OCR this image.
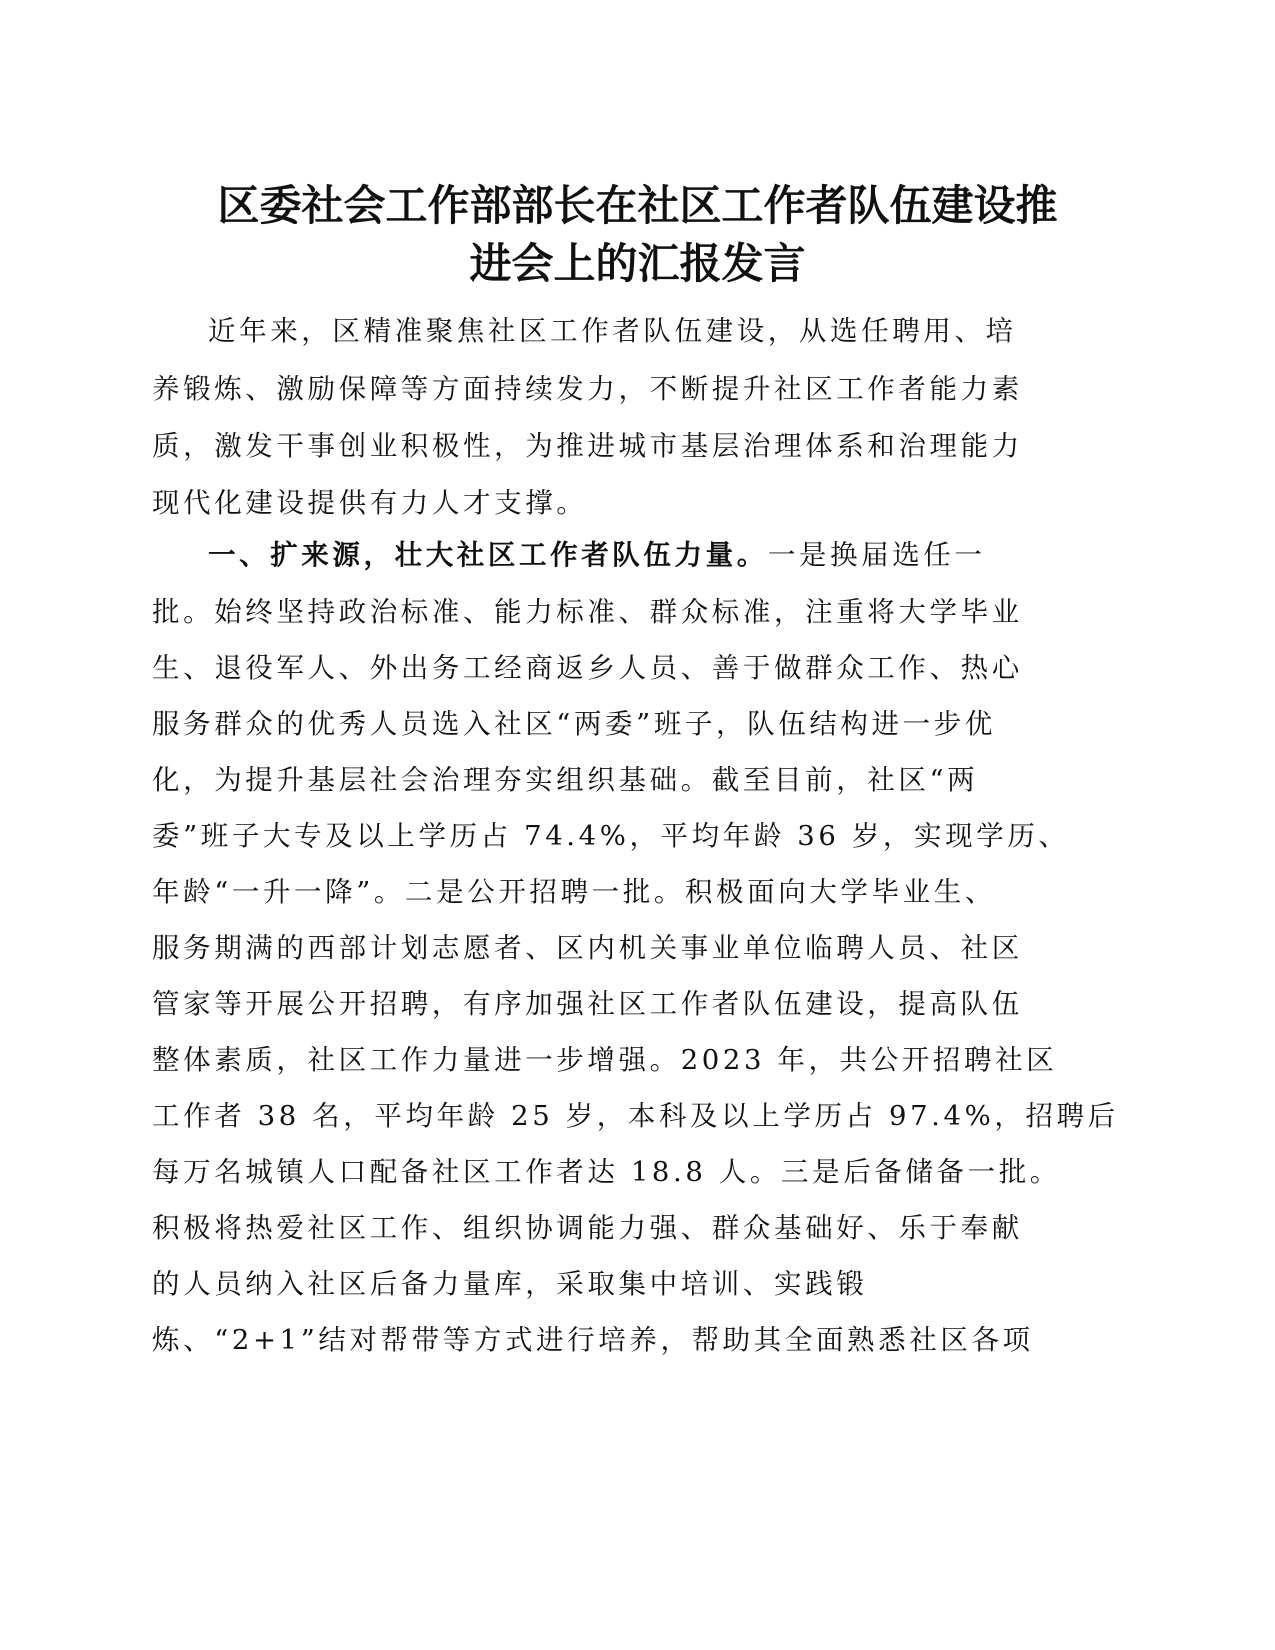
区委社会工作部部长在社区工作者队伍建设推
进会上的汇报发言

近年来，区精准聚焦社区工作者队伍建设，从选任聘用、培

养锻炼、激励保障等方面持续发力，不断提升社区工作者能力素

质，激发干事创业积极性，为推进城市基层治理体系和治理能力

现代化建设提供有力人才支撑。

一、扩来源，壮大社区工作者队伍力量。一是换届选任一

批。始终坚持政治标准、能力标准、群众标准，注重将大学毕业

生、退役军人、外出务工经商返乡人员、善于做群众工作、热心

服务群众的优秀人员选入社区“两委”班子，队伍结构进一步优

化，为提升基层社会治理夯实组织基础。截至目前，社区“两

委”班子大专及以上学历占 74.4%，平均年龄 36 岁，实现学历、

年龄“一升一降”。二是公开招聘一批。积极面向大学毕业生、

服务期满的西部计划志愿者、区内机关事业单位临聘人员、社区

管家等开展公开招聘，有序加强社区工作者队伍建设，提高队伍

整体素质，社区工作力量进一步增强。2023 年，共公开招聘社区

工作者 38 名，平均年龄 25 岁，本科及以上学历占 97.4%，招聘后

每万名城镇人口配备社区工作者达 18.8 人。三是后备储备一批。

积极将热爱社区工作、组织协调能力强、群众基础好、乐于奉献

的人员纳入社区后备力量库，采取集中培训、实践锻

炼、“2+1”结对帮带等方式进行培养，帮助其全面熟悉社区各项
